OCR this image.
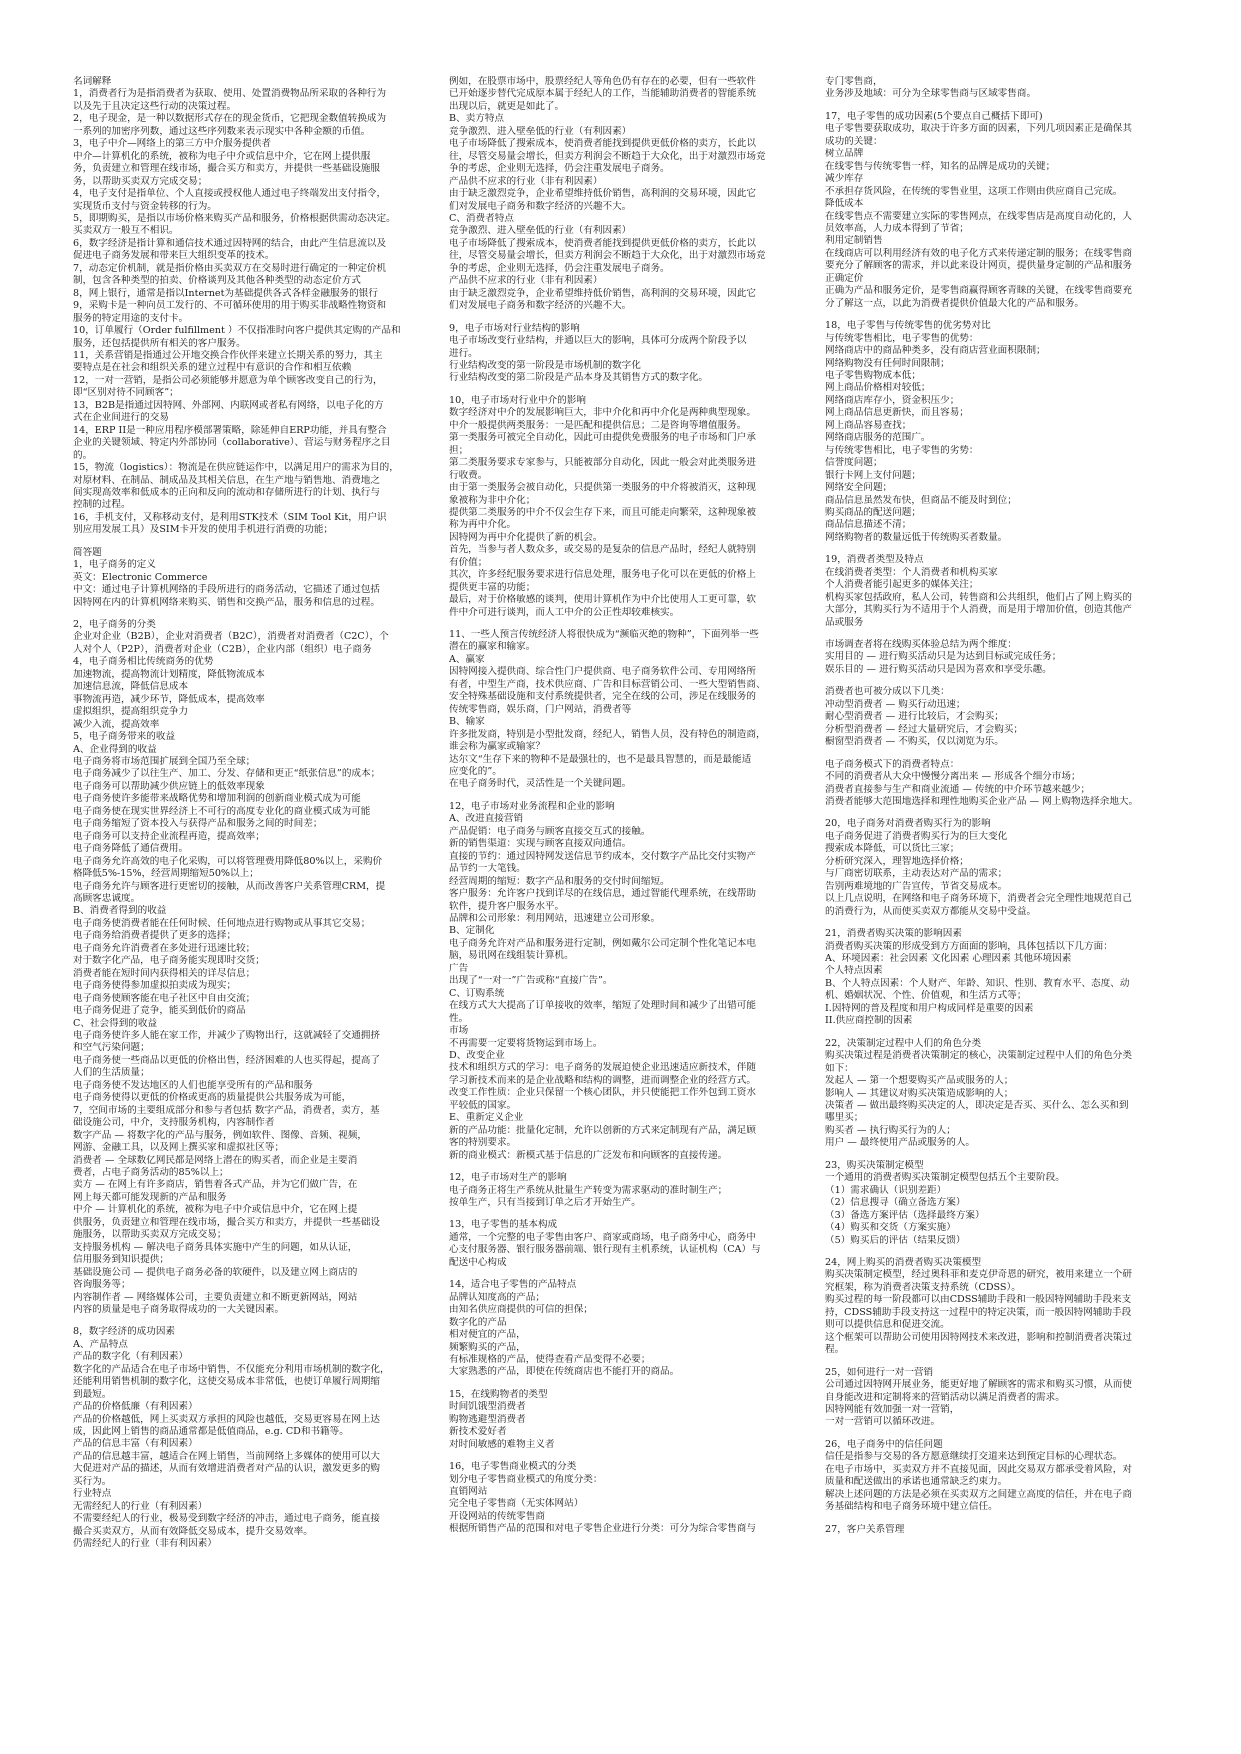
名词解释
1，消费者行为是指消费者为获取、使用、处置消费物品所采取的各种行为
以及先于且决定这些行动的决策过程。
2，电子现金，是一种以数据形式存在的现金货币，它把现金数值转换成为
一系列的加密序列数，通过这些序列数来表示现实中各种金额的币值。
3，电子中介—网络上的第三方中介服务提供者
中介—计算机化的系统，被称为电子中介或信息中介，它在网上提供服
务，负责建立和管理在线市场，撮合买方和卖方，并提供一些基础设施服
务，以帮助买卖双方完成交易；
4，电子支付是指单位、个人直接或授权他人通过电子终端发出支付指令，
实现货币支付与资金转移的行为。
5，即期购买，是指以市场价格来购买产品和服务，价格根据供需动态决定。
买卖双方一般互不相识。
6，数字经济是指计算和通信技术通过因特网的结合，由此产生信息流以及
促进电子商务发展和带来巨大组织变革的技术。
7，动态定价机制，就是指价格由买卖双方在交易时进行确定的一种定价机
制，包含各种类型的拍卖、价格谈判及其他各种类型的动态定价方式
8，网上银行，通常是指以Internet为基础提供各式各样金融服务的银行
9，采购卡是一种向员工发行的、不可循环使用的用于购买非战略性物资和
服务的特定用途的支付卡。
10，订单履行（Order fulfillment ）不仅指准时向客户提供其定购的产品和
服务，还包括提供所有相关的客户服务。
11，关系营销是指通过公开地交换合作伙伴来建立长期关系的努力，其主
要特点是在社会和组织关系的建立过程中有意识的合作和相互依赖
12，一对一营销，是指公司必须能够并愿意为单个顾客改变自己的行为，
即“区别对待不同顾客”；
13，B2B是指通过因特网、外部网、内联网或者私有网络，以电子化的方
式在企业间进行的交易
14，ERP II是一种应用程序模部署策略，除延伸自ERP功能，并具有整合
企业的关键领域、特定内外部协同（collaborative）、营运与财务程序之目
的。
15，物流（logistics）：物流是在供应链运作中，以满足用户的需求为目的，
对原材料、在制品、制成品及其相关信息，在生产地与销售地、消费地之
间实现高效率和低成本的正向和反向的流动和存储所进行的计划、执行与
控制的过程。
16，手机支付，又称移动支付，是利用STK技术（SIM Tool Kit，用户识
别应用发展工具）及SIM卡开发的使用手机进行消费的功能；
简答题
1，电子商务的定义
英文：Electronic Commerce
中文：通过电子计算机网络的手段所进行的商务活动，它描述了通过包括
因特网在内的计算机网络来购买、销售和交换产品，服务和信息的过程。
2，电子商务的分类
企业对企业（B2B），企业对消费者（B2C），消费者对消费者（C2C），个
人对个人（P2P），消费者对企业（C2B），企业内部（组织）电子商务
4，电子商务相比传统商务的优势
加速物流，提高物流计划精度，降低物流成本
加速信息流，降低信息成本
事物流再造，减少环节，降低成本，提高效率
虚拟组织，提高组织竞争力
减少入流，提高效率
5，电子商务带来的收益
A、企业得到的收益
电子商务将市场范围扩展到全国乃至全球；
电子商务减少了以往生产、加工、分发、存储和更正“纸张信息”的成本；
电子商务可以帮助减少供应链上的低效率现象
电子商务使许多能带来战略优势和增加利润的创新商业模式成为可能
电子商务使在现实世界经济上不可行的高度专业化的商业模式成为可能
电子商务缩短了资本投入与获得产品和服务之间的时间差；
电子商务可以支持企业流程再造，提高效率；
电子商务降低了通信费用。
电子商务允许高效的电子化采购，可以将管理费用降低80%以上，采购价
格降低5%-15%，经营周期缩短50%以上；
电子商务允许与顾客进行更密切的接触，从而改善客户关系管理CRM，提
高顾客忠诚度。
B、消费者得到的收益
电子商务使消费者能在任何时候、任何地点进行购物或从事其它交易；
电子商务给消费者提供了更多的选择；
电子商务允许消费者在多处进行迅速比较；
对于数字化产品，电子商务能实现即时交货；
消费者能在短时间内获得相关的详尽信息；
电子商务使得参加虚拟拍卖成为现实；
电子商务使顾客能在电子社区中自由交流；
电子商务促进了竞争，能买到低价的商品
C、社会得到的收益
电子商务使许多人能在家工作，并减少了购物出行，这就减轻了交通拥挤
和空气污染问题；
电子商务使一些商品以更低的价格出售，经济困难的人也买得起，提高了
人们的生活质量；
电子商务使不发达地区的人们也能享受所有的产品和服务
电子商务使得以更低的价格或更高的质量提供公共服务成为可能，
7，空间市场的主要组成部分和参与者包括 数字产品，消费者，卖方，基
础设施公司，中介，支持服务机构，内容制作者
数字产品 — 将数字化的产品与服务，例如软件、图像、音频、视频，
网游、金融工具，以及网上撰买家和虚拟社区等；
消费者 — 全球数亿网民都是网络上潜在的购买者，而企业是主要消
费者，占电子商务活动的85%以上；
卖方 — 在网上有许多商店，销售着各式产品，并为它们做广告，在
网上每天都可能发现新的产品和服务
中介 — 计算机化的系统，被称为电子中介或信息中介，它在网上提
供服务，负责建立和管理在线市场，撮合买方和卖方，并提供一些基础设
施服务，以帮助买卖双方完成交易；
支持服务机构 — 解决电子商务具体实施中产生的问题，如从认证，
信用服务到知识提供；
基础设施公司 — 提供电子商务必备的软硬件，以及建立网上商店的
咨询服务等；
内容制作者 — 网络媒体公司，主要负责建立和不断更新网站，网站
内容的质量是电子商务取得成功的一大关键因素。
8，数字经济的成功因素
A、产品特点
产品的数字化（有利因素）
数字化的产品适合在电子市场中销售，不仅能充分利用市场机制的数字化，
还能利用销售机制的数字化，这使交易成本非常低，也使订单履行周期缩
到最短。
产品的价格低廉（有利因素）
产品的价格越低，网上买卖双方承担的风险也越低，交易更容易在网上达
成，因此网上销售的商品通常都是低值商品，e.g. CD和书籍等。
产品的信息丰富（有利因素）
产品的信息越丰富，越适合在网上销售，当前网络上多媒体的使用可以大
大促进对产品的描述，从而有效增进消费者对产品的认识，激发更多的购
买行为。
行业特点
无需经纪人的行业（有利因素）
不需要经纪人的行业，极易受到数字经济的冲击，通过电子商务，能直接
撮合买卖双方，从而有效降低交易成本，提升交易效率。
仍需经纪人的行业（非有利因素）
例如，在股票市场中，股票经纪人等角色仍有存在的必要，但有一些软件
已开始逐步替代完成原本属于经纪人的工作，当能辅助消费者的智能系统
出现以后，就更是如此了。
B、卖方特点
竞争激烈、进入壁垒低的行业（有利因素）
电子市场降低了搜索成本，使消费者能找到提供更低价格的卖方，长此以
往，尽管交易量会增长，但卖方利润会不断趋于大众化，出于对激烈市场竞
争的考虑，企业则无选择，仍会注重发展电子商务。
产品供不应求的行业（非有利因素）
由于缺乏激烈竞争，企业希望维持低价销售，高利润的交易环境，因此它
们对发展电子商务和数字经济的兴趣不大。
C、消费者特点
竞争激烈、进入壁垒低的行业（有利因素）
电子市场降低了搜索成本，使消费者能找到提供更低价格的卖方，长此以
往，尽管交易量会增长，但卖方利润会不断趋于大众化，出于对激烈市场竞
争的考虑，企业则无选择，仍会注重发展电子商务。
产品供不应求的行业（非有利因素）
由于缺乏激烈竞争，企业希望维持低价销售，高利润的交易环境，因此它
们对发展电子商务和数字经济的兴趣不大。
9，电子市场对行业结构的影响
电子市场改变行业结构，并通以巨大的影响，具体可分成两个阶段予以
进行。
行业结构改变的第一阶段是市场机制的数字化
行业结构改变的第二阶段是产品本身及其销售方式的数字化。
10，电子市场对行业中介的影响
数字经济对中介的发展影响巨大，非中介化和再中介化是两种典型现象。
中介一般提供两类服务：一是匹配和提供信息；二是咨询等增值服务。
第一类服务可被完全自动化，因此可由提供免费服务的电子市场和门户承
担；
第二类服务要求专家参与，只能被部分自动化，因此一般会对此类服务进
行收费。
由于第一类服务会被自动化，只提供第一类服务的中介将被消灭，这种现
象被称为非中介化；
提供第二类服务的中介不仅会生存下来，而且可能走向繁荣，这种现象被
称为再中介化。
因特网为再中介化提供了新的机会。
首先，当参与者人数众多，或交易的是复杂的信息产品时，经纪人就特别
有价值；
其次，许多经纪服务要求进行信息处理，服务电子化可以在更低的价格上
提供更丰富的功能；
最后，对于价格敏感的谈判，使用计算机作为中介比使用人工更可靠，软
件中介可进行谈判，而人工中介的公正性却较难核实。
11、一些人预言传统经济人将很快成为“濒临灭绝的物种”，下面列举一些
潜在的赢家和输家。
A、赢家
因特网接入提供商、综合性门户提供商、电子商务软件公司、专用网络所
有者，中型生产商，技术供应商、广告和目标营销公司、一些大型销售商、
安全特殊基础设施和支付系统提供者，完全在线的公司，涉足在线服务的
传统零售商，娱乐商，门户网站，消费者等
B、输家
许多批发商，特别是小型批发商，经纪人，销售人员，没有特色的制造商，
谁会称为赢家或输家？
达尔文“生存下来的物种不是最强壮的，也不是最具智慧的，而是最能适
应变化的”。
在电子商务时代，灵活性是一个关键问题。
12，电子市场对业务流程和企业的影响
A、改进直接营销
产品促销：电子商务与顾客直接交互式的接触。
新的销售渠道：实现与顾客直接双向通信。
直接的节约：通过因特网发送信息节约成本，交付数字产品比交付实物产
品节约一大笔钱。
经营周期的缩短：数字产品和服务的交付时间缩短。
客户服务：允许客户找到详尽的在线信息，通过智能代理系统，在线帮助
软件，提升客户服务水平。
品牌和公司形象：利用网站，迅速建立公司形象。
B、定制化
电子商务允许对产品和服务进行定制，例如戴尔公司定制个性化笔记本电
脑，易讯网在线组装计算机。
广告
出现了“一对一”广告或称“直接广告”。
C、订购系统
在线方式大大提高了订单接收的效率，缩短了处理时间和减少了出错可能
性。
市场
不再需要一定要将货物运到市场上。
D、改变企业
技术和组织方式的学习：电子商务的发展迫使企业迅速适应新技术，伴随
学习新技术而来的是企业战略和结构的调整，进而调整企业的经营方式。
改变工作性质：企业只保留一个核心团队，并只使能把工作外包到工资水
平较低的国家。
E、重新定义企业
新的产品功能：批量化定制，允许以创新的方式来定制现有产品，满足顾
客的特别要求。
新的商业模式：新模式基于信息的广泛发布和向顾客的直接传递。
12，电子市场对生产的影响
电子商务正将生产系统从批量生产转变为需求驱动的准时制生产；
按单生产，只有当接到订单之后才开始生产。
13，电子零售的基本构成
通常，一个完整的电子零售由客户、商家或商场，电子商务中心，商务中
心支付服务器、银行服务器前端、银行现有主机系统，认证机构（CA）与
配送中心构成
14，适合电子零售的产品特点
品牌认知度高的产品；
由知名供应商提供的可信的担保；
数字化的产品
相对便宜的产品，
频繁购买的产品，
有标准规格的产品，使得查看产品变得不必要；
大家熟悉的产品，即使在传统商店也不能打开的商品。
15，在线购物者的类型
时间饥饿型消费者
购物逃避型消费者
新技术爱好者
对时间敏感的难物主义者
16，电子零售商业模式的分类
划分电子零售商业模式的角度分类：
直销网站
完全电子零售商（无实体网站）
开设网站的传统零售商
根据所销售产品的范围和对电子零售企业进行分类：可分为综合零售商与
专门零售商，
业务涉及地域：可分为全球零售商与区域零售商。
17，电子零售的成功因素(5个要点自己概括下即可)
电子零售要获取成功，取决于许多方面的因素，下列几项因素正是确保其
成功的关键：
树立品牌
在线零售与传统零售一样，知名的品牌是成功的关键；
减少库存
不承担存货风险，在传统的零售业里，这项工作则由供应商自己完成。
降低成本
在线零售点不需要建立实际的零售网点，在线零售店是高度自动化的，人
员效率高，人力成本得到了节省；
利用定制销售
在线商店可以利用经济有效的电子化方式来传递定制的服务；在线零售商
要充分了解顾客的需求，并以此来设计网页，提供量身定制的产品和服务
正确定价
正确为产品和服务定价，是零售商赢得顾客青睐的关键，在线零售商要充
分了解这一点，以此为消费者提供价值最大化的产品和服务。
18，电子零售与传统零售的优劣势对比
与传统零售相比，电子零售的优势：
网络商店中的商品种类多，没有商店营业面积限制；
网络购物没有任何时间限制；
电子零售购物成本低；
网上商品价格相对较低；
网络商店库存小，资金积压少；
网上商品信息更新快，而且容易；
网上商品容易查找；
网络商店服务的范围广。
与传统零售相比，电子零售的劣势：
信誉度问题；
银行卡网上支付问题；
网络安全问题；
商品信息虽然发布快，但商品不能及时到位；
购买商品的配送问题；
商品信息描述不清；
网络购物者的数量远低于传统购买者数量。
19，消费者类型及特点
在线消费者类型：个人消费者和机构买家
个人消费者能引起更多的媒体关注；
机构买家包括政府，私人公司，转售商和公共组织，他们占了网上购买的
大部分，其购买行为不适用于个人消费，而是用于增加价值，创造其他产
品或服务
市场调查者将在线购买体验总结为两个维度：
实用目的 — 进行购买活动只是为达到目标或完成任务；
娱乐目的 — 进行购买活动只是因为喜欢和享受乐趣。
消费者也可被分成以下几类：
冲动型消费者 — 购买行动迅速；
耐心型消费者 — 进行比较后，才会购买；
分析型消费者 — 经过大量研究后，才会购买；
橱窗型消费者 — 不购买，仅以浏览为乐。
电子商务模式下的消费者特点：
不同的消费者从大众中慢慢分离出来 — 形成各个细分市场；
消费者直接参与生产和商业流通 — 传统的中介环节越来越少；
消费者能够大范围地选择和理性地购买企业产品 — 网上购物选择余地大。
20，电子商务对消费者购买行为的影响
电子商务促进了消费者购买行为的巨大变化
搜索成本降低，可以货比三家；
分析研究深入，理智地选择价格；
与厂商密切联系，主动表达对产品的需求；
告别两难境地的广告宣传，节省交易成本。
以上几点说明，在网络和电子商务环境下，消费者会完全理性地规范自己
的消费行为，从而使买卖双方都能从交易中受益。
21，消费者购买决策的影响因素
消费者购买决策的形成受到方方面面的影响，具体包括以下几方面：
A、环境因素：社会因素 文化因素 心理因素 其他环境因素
个人特点因素
B、个人特点因素：个人财产、年龄、知识、性别、教育水平、态度、动
机、婚姻状况、个性、价值观，和生活方式等；
I.因特网的普及程度和用户构成同样是重要的因素
II.供应商控制的因素
22，决策制定过程中人们的角色分类
购买决策过程是消费者决策制定的核心，决策制定过程中人们的角色分类
如下：
发起人 — 第一个想要购买产品或服务的人；
影响人 — 其建议对购买决策造成影响的人；
决策者 — 做出最终购买决定的人，即决定是否买、买什么、怎么买和到
哪里买；
购买者 — 执行购买行为的人；
用户 — 最终使用产品或服务的人。
23，购买决策制定模型
一个通用的消费者购买决策制定模型包括五个主要阶段。
（1）需求确认（识别差距）
（2）信息搜寻（确立备选方案）
（3）备选方案评估（选择最终方案）
（4）购买和交货（方案实施）
（5）购买后的评估（结果反馈）
24，网上购买的消费者购买决策模型
购买决策制定模型，经过奥科菲和麦克伊奇恩的研究，被用来建立一个研
究框架，称为消费者决策支持系统（CDSS）。
购买过程的每一阶段都可以由CDSS辅助手段和一般因特网辅助手段来支
持，CDSS辅助手段支持这一过程中的特定决策，而一般因特网辅助手段
则可以提供信息和促进交流。
这个框架可以帮助公司使用因特网技术来改进，影响和控制消费者决策过
程。
25，如何进行一对一营销
公司通过因特网开展业务，能更好地了解顾客的需求和购买习惯，从而使
自身能改进和定制将来的营销活动以满足消费者的需求。
因特网能有效加强一对一营销，
一对一营销可以循环改进。
26，电子商务中的信任问题
信任是指参与交易的各方愿意继续打交道来达到预定目标的心理状态。
在电子市场中，买卖双方并不直接见面，因此交易双方都承受着风险，对
质量和配送做出的承诺也通常缺乏约束力。
解决上述问题的方法是必须在买卖双方之间建立高度的信任，并在电子商
务基础结构和电子商务环境中建立信任。
27，客户关系管理
